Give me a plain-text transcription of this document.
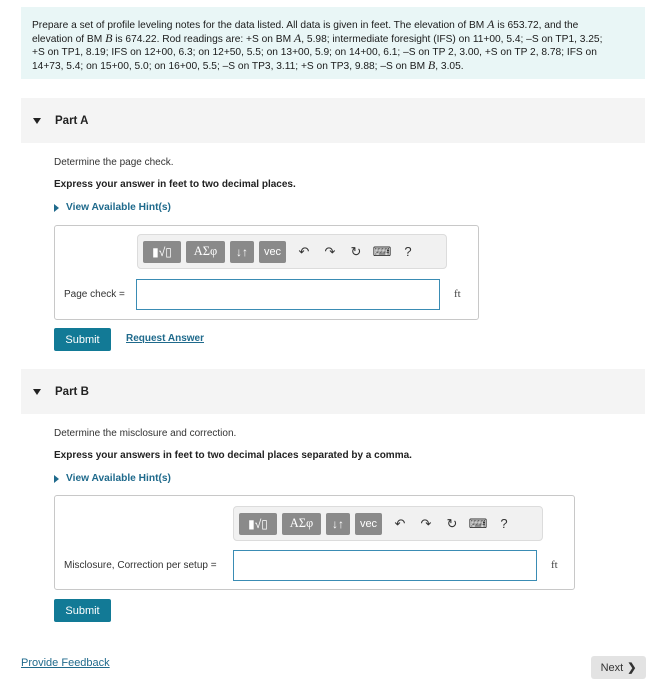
Prepare a set of profile leveling notes for the data listed. All data is given in feet. The elevation of BM A is 653.72, and the
elevation of BM B is 674.22. Rod readings are: +S on BM A, 5.98; intermediate foresight (IFS) on 11+00, 5.4; –S on TP1, 3.25;
+S on TP1, 8.19; IFS on 12+00, 6.3; on 12+50, 5.5; on 13+00, 5.9; on 14+00, 6.1; –S on TP 2, 3.00, +S on TP 2, 8.78; IFS on
14+73, 5.4; on 15+00, 5.0; on 16+00, 5.5; –S on TP3, 3.11; +S on TP3, 9.88; –S on BM B, 3.05.
Part A
Determine the page check.
Express your answer in feet to two decimal places.
View Available Hint(s)
▮√▯	ΑΣφ	↓↑	vec	↶	↷	↻ ⌨	?
Page check =	ft
Submit	Request Answer
Part B
Determine the misclosure and correction.
Express your answers in feet to two decimal places separated by a comma.
View Available Hint(s)
▮√▯	ΑΣφ	↓↑	vec	↶	↷	↻ ⌨	?
Misclosure, Correction per setup =	ft
Submit
Provide Feedback	Next ❯
